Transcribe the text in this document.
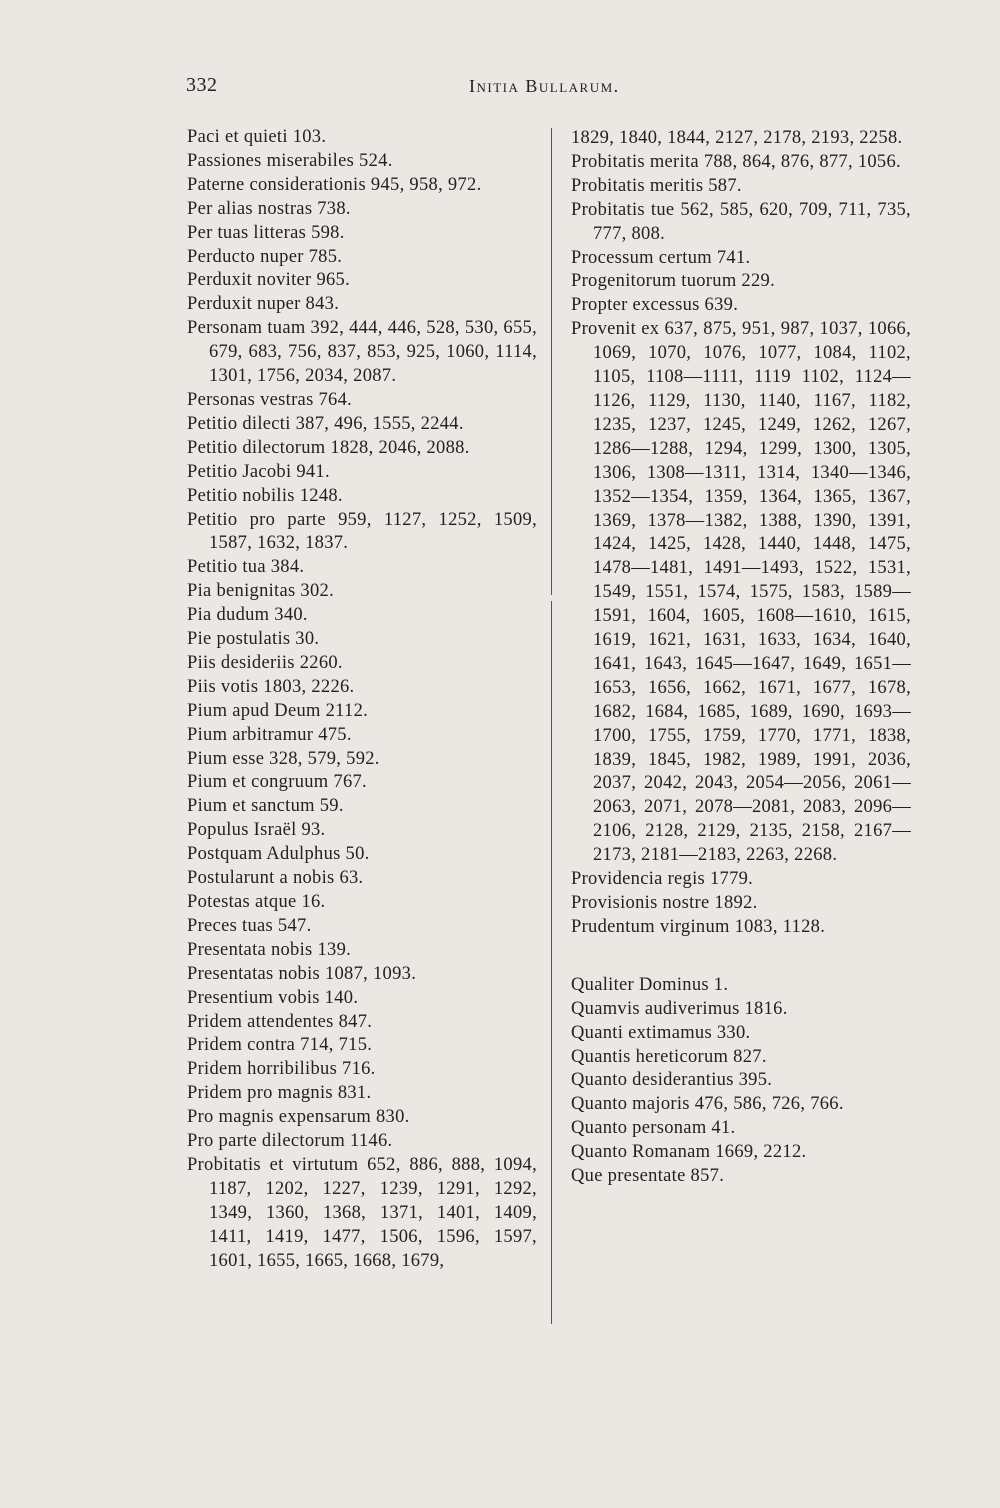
332	Initia Bullarum.
Paci et quieti 103.
Passiones miserabiles 524.
Paterne considerationis 945, 958, 972.
Per alias nostras 738.
Per tuas litteras 598.
Perducto nuper 785.
Perduxit noviter 965.
Perduxit nuper 843.
Personam tuam 392, 444, 446, 528, 530, 655, 679, 683, 756, 837, 853, 925, 1060, 1114, 1301, 1756, 2034, 2087.
Personas vestras 764.
Petitio dilecti 387, 496, 1555, 2244.
Petitio dilectorum 1828, 2046, 2088.
Petitio Jacobi 941.
Petitio nobilis 1248.
Petitio pro parte 959, 1127, 1252, 1509, 1587, 1632, 1837.
Petitio tua 384.
Pia benignitas 302.
Pia dudum 340.
Pie postulatis 30.
Piis desideriis 2260.
Piis votis 1803, 2226.
Pium apud Deum 2112.
Pium arbitramur 475.
Pium esse 328, 579, 592.
Pium et congruum 767.
Pium et sanctum 59.
Populus Israël 93.
Postquam Adulphus 50.
Postularunt a nobis 63.
Potestas atque 16.
Preces tuas 547.
Presentata nobis 139.
Presentatas nobis 1087, 1093.
Presentium vobis 140.
Pridem attendentes 847.
Pridem contra 714, 715.
Pridem horribilibus 716.
Pridem pro magnis 831.
Pro magnis expensarum 830.
Pro parte dilectorum 1146.
Probitatis et virtutum 652, 886, 888, 1094, 1187, 1202, 1227, 1239, 1291, 1292, 1349, 1360, 1368, 1371, 1401, 1409, 1411, 1419, 1477, 1506, 1596, 1597, 1601, 1655, 1665, 1668, 1679,
1829, 1840, 1844, 2127, 2178, 2193, 2258.
Probitatis merita 788, 864, 876, 877, 1056.
Probitatis meritis 587.
Probitatis tue 562, 585, 620, 709, 711, 735, 777, 808.
Processum certum 741.
Progenitorum tuorum 229.
Propter excessus 639.
Provenit ex 637, 875, 951, 987, 1037, 1066, 1069, 1070, 1076, 1077, 1084, 1102, 1105, 1108—1111, 1119 1102, 1124—1126, 1129, 1130, 1140, 1167, 1182, 1235, 1237, 1245, 1249, 1262, 1267, 1286—1288, 1294, 1299, 1300, 1305, 1306, 1308—1311, 1314, 1340—1346, 1352—1354, 1359, 1364, 1365, 1367, 1369, 1378—1382, 1388, 1390, 1391, 1424, 1425, 1428, 1440, 1448, 1475, 1478—1481, 1491—1493, 1522, 1531, 1549, 1551, 1574, 1575, 1583, 1589—1591, 1604, 1605, 1608—1610, 1615, 1619, 1621, 1631, 1633, 1634, 1640, 1641, 1643, 1645—1647, 1649, 1651—1653, 1656, 1662, 1671, 1677, 1678, 1682, 1684, 1685, 1689, 1690, 1693—1700, 1755, 1759, 1770, 1771, 1838, 1839, 1845, 1982, 1989, 1991, 2036, 2037, 2042, 2043, 2054—2056, 2061—2063, 2071, 2078—2081, 2083, 2096—2106, 2128, 2129, 2135, 2158, 2167—2173, 2181—2183, 2263, 2268.
Providencia regis 1779.
Provisionis nostre 1892.
Prudentum virginum 1083, 1128.
Qualiter Dominus 1.
Quamvis audiverimus 1816.
Quanti extimamus 330.
Quantis hereticorum 827.
Quanto desiderantius 395.
Quanto majoris 476, 586, 726, 766.
Quanto personam 41.
Quanto Romanam 1669, 2212.
Que presentate 857.
